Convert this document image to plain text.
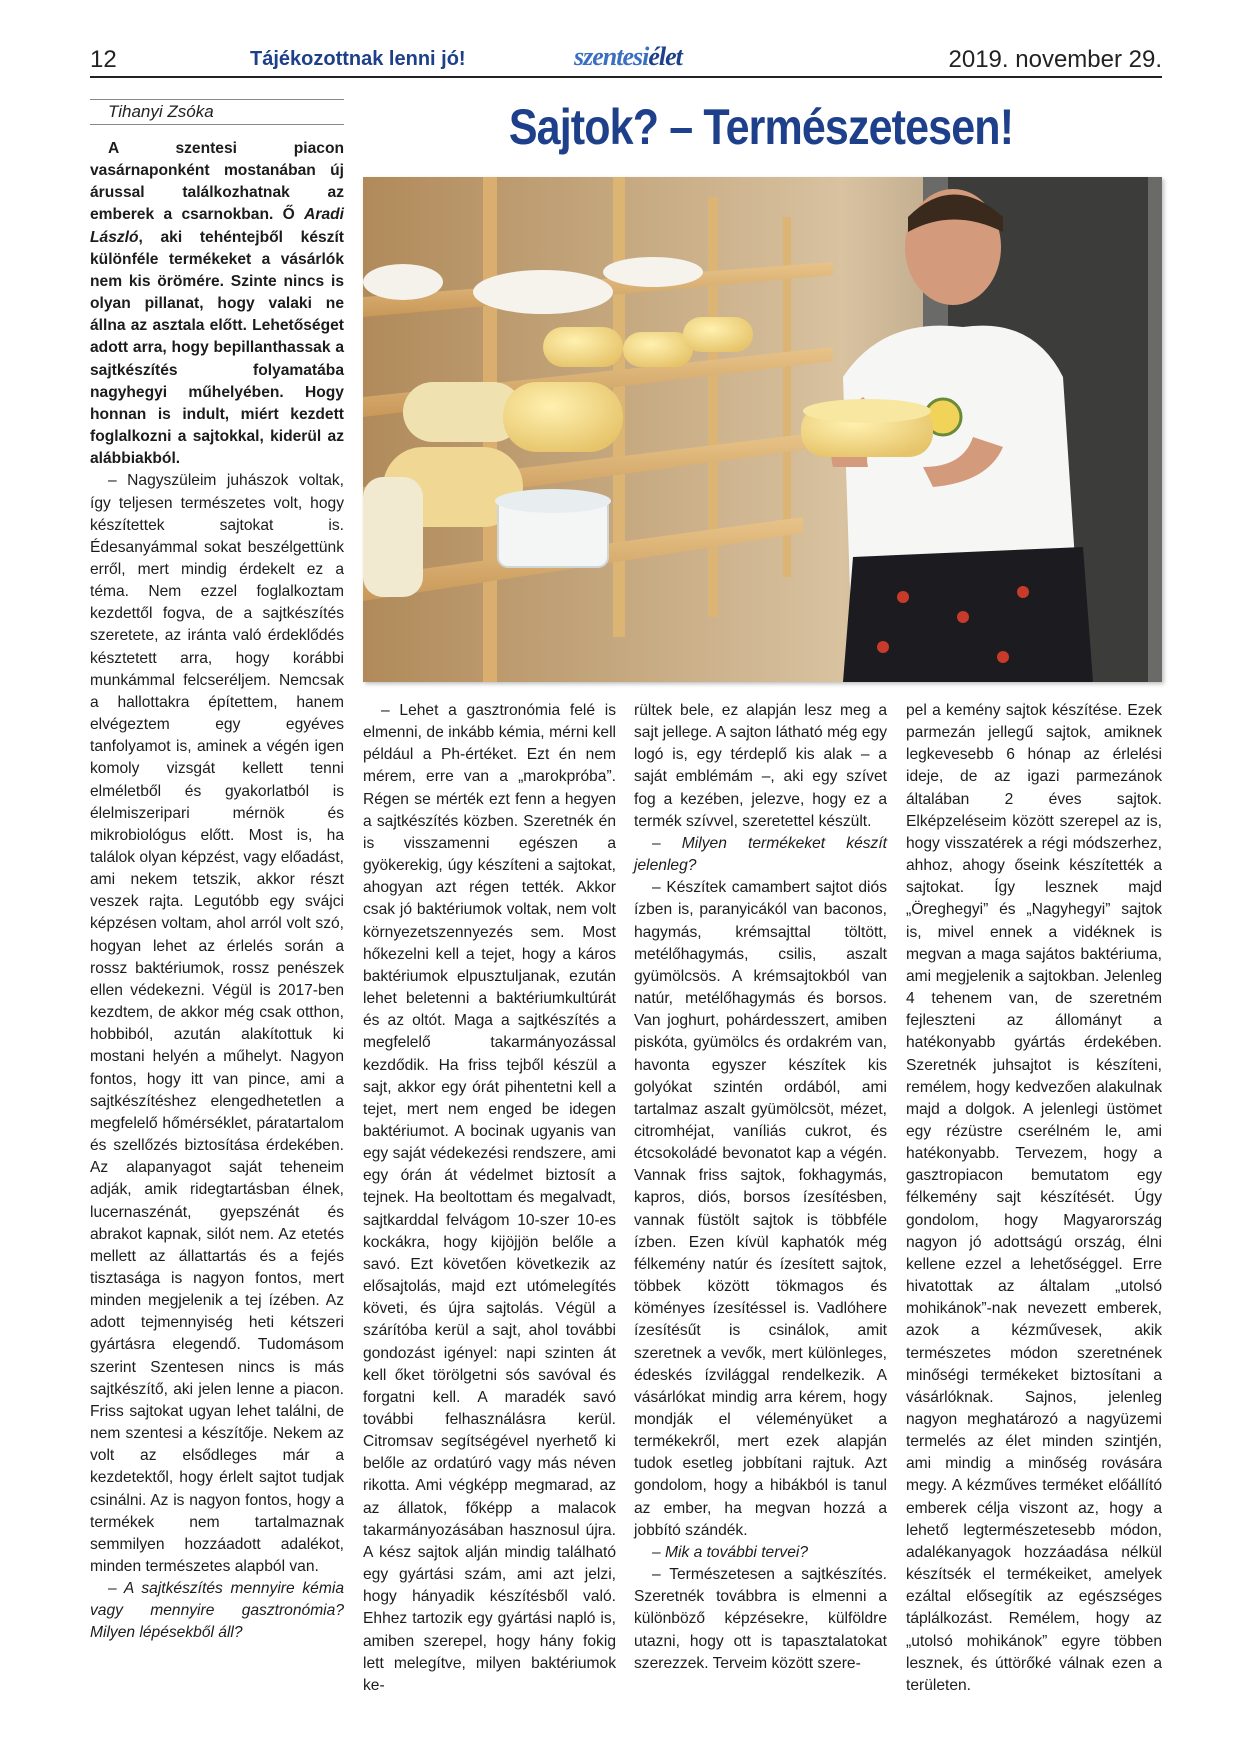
12	Tájékozottnak lenni jó!	szentesiélet	2019. november 29.
Tihanyi Zsóka	Sajtok? – Természetesen!

A szentesi piacon vasárnaponként mostanában új árussal találkozhatnak az emberek a csarnokban. Ő Aradi László, aki tehéntejből készít különféle termékeket a vásárlók nem kis örömére. Szinte nincs is olyan pillanat, hogy valaki ne állna az asztala előtt. Lehetőséget adott arra, hogy bepillanthassak a sajtkészítés folyamatába nagyhegyi műhelyében. Hogy honnan is indult, miért kezdett foglalkozni a sajtokkal, kiderül az alábbiakból.

– Nagyszüleim juhászok voltak, így teljesen természetes volt, hogy készítettek sajtokat is. Édesanyámmal sokat beszélgettünk erről, mert mindig érdekelt ez a téma. Nem ezzel foglalkoztam kezdettől fogva, de a sajtkészítés szeretete, az iránta való érdeklődés késztetett arra, hogy korábbi munkámmal felcseréljem. Nemcsak a hallottakra építettem, hanem elvégeztem egy egyéves tanfolyamot is, aminek a végén igen komoly vizsgát kellett tenni elméletből és gyakorlatból is élelmiszeripari mérnök és mikrobiológus előtt. Most is, ha találok olyan képzést, vagy előadást, ami nekem tetszik, akkor részt veszek rajta. Legutóbb egy svájci képzésen voltam, ahol arról volt szó, hogyan lehet az érlelés során a rossz baktériumok, rossz penészek ellen védekezni. Végül is 2017-ben kezdtem, de akkor még csak otthon, hobbiból, azután alakítottuk ki mostani helyén a műhelyt. Nagyon fontos, hogy itt van pince, ami a sajtkészítéshez elengedhetetlen a megfelelő hőmérséklet, páratartalom és szellőzés biztosítása érdekében. Az alapanyagot saját teheneim adják, amik ridegtartásban élnek, lucernaszénát, gyepszénát és abrakot kapnak, silót nem. Az etetés mellett az állattartás és a fejés tisztasága is nagyon fontos, mert minden megjelenik a tej ízében. Az adott tejmennyiség heti kétszeri gyártásra elegendő. Tudomásom szerint Szentesen nincs is más sajtkészítő, aki jelen lenne a piacon. Friss sajtokat ugyan lehet találni, de nem szentesi a készítője. Nekem az volt az elsődleges már a kezdetektől, hogy érlelt sajtot tudjak csinálni. Az is nagyon fontos, hogy a termékek nem tartalmaznak semmilyen hozzáadott adalékot, minden természetes alapból van.

– A sajtkészítés mennyire kémia vagy mennyire gasztronómia? Milyen lépésekből áll?

– Lehet a gasztronómia felé is elmenni, de inkább kémia, mérni kell például a Ph-értéket. Ezt én nem mérem, erre van a „marokpróba”. Régen se mérték ezt fenn a hegyen a sajtkészítés közben. Szeretnék én is visszamenni egészen a gyökerekig, úgy készíteni a sajtokat, ahogyan azt régen tették. Akkor csak jó baktériumok voltak, nem volt környezetszennyezés sem. Most hőkezelni kell a tejet, hogy a káros baktériumok elpusztuljanak, ezután lehet beletenni a baktériumkultúrát és az oltót. Maga a sajtkészítés a megfelelő takarmányozással kezdődik. Ha friss tejből készül a sajt, akkor egy órát pihentetni kell a tejet, mert nem enged be idegen baktériumot. A bocinak ugyanis van egy saját védekezési rendszere, ami egy órán át védelmet biztosít a tejnek. Ha beoltottam és megalvadt, sajtkarddal felvágom 10-szer 10-es kockákra, hogy kijöjjön belőle a savó. Ezt követően következik az elősajtolás, majd ezt utómelegítés követi, és újra sajtolás. Végül a szárítóba kerül a sajt, ahol további gondozást igényel: napi szinten át kell őket törölgetni sós savóval és forgatni kell. A maradék savó további felhasználásra kerül. Citromsav segítségével nyerhető ki belőle az ordatúró vagy más néven rikotta. Ami végképp megmarad, az az állatok, főképp a malacok takarmányozásában hasznosul újra. A kész sajtok alján mindig található egy gyártási szám, ami azt jelzi, hogy hányadik készítésből való. Ehhez tartozik egy gyártási napló is, amiben szerepel, hogy hány fokig lett melegítve, milyen baktériumok ke-

rültek bele, ez alapján lesz meg a sajt jellege. A sajton látható még egy logó is, egy térdeplő kis alak – a saját emblémám –, aki egy szívet fog a kezében, jelezve, hogy ez a termék szívvel, szeretettel készült.

– Milyen termékeket készít jelenleg?

– Készítek camambert sajtot diós ízben is, paranyicákól van baconos, hagymás, krémsajttal töltött, metélőhagymás, csilis, aszalt gyümölcsös. A krémsajtokból van natúr, metélőhagymás és borsos. Van joghurt, pohárdesszert, amiben piskóta, gyümölcs és ordakrém van, havonta egyszer készítek kis golyókat szintén ordából, ami tartalmaz aszalt gyümölcsöt, mézet, citromhéjat, vaníliás cukrot, és étcsokoládé bevonatot kap a végén. Vannak friss sajtok, fokhagymás, kapros, diós, borsos ízesítésben, vannak füstölt sajtok is többféle ízben. Ezen kívül kaphatók még félkemény natúr és ízesített sajtok, többek között tökmagos és köményes ízesítéssel is. Vadlóhere ízesítésűt is csinálok, amit szeretnek a vevők, mert különleges, édeskés ízvilággal rendelkezik. A vásárlókat mindig arra kérem, hogy mondják el véleményüket a termékekről, mert ezek alapján tudok esetleg jobbítani rajtuk. Azt gondolom, hogy a hibákból is tanul az ember, ha megvan hozzá a jobbító szándék.

– Mik a további tervei?

– Természetesen a sajtkészítés. Szeretnék továbbra is elmenni a különböző képzésekre, külföldre utazni, hogy ott is tapasztalatokat szerezzek. Terveim között szere-

pel a kemény sajtok készítése. Ezek parmezán jellegű sajtok, amiknek legkevesebb 6 hónap az érlelési ideje, de az igazi parmezánok általában 2 éves sajtok. Elképzeléseim között szerepel az is, hogy visszatérek a régi módszerhez, ahhoz, ahogy őseink készítették a sajtokat. Így lesznek majd „Öreghegyi” és „Nagyhegyi” sajtok is, mivel ennek a vidéknek is megvan a maga sajátos baktériuma, ami megjelenik a sajtokban. Jelenleg 4 tehenem van, de szeretném fejleszteni az állományt a hatékonyabb gyártás érdekében. Szeretnék juhsajtot is készíteni, remélem, hogy kedvezően alakulnak majd a dolgok. A jelenlegi üstömet egy rézüstre cserélném le, ami hatékonyabb. Tervezem, hogy a gasztropiacon bemutatom egy félkemény sajt készítését. Úgy gondolom, hogy Magyarország nagyon jó adottságú ország, élni kellene ezzel a lehetőséggel. Erre hivatottak az általam „utolsó mohikánok”-nak nevezett emberek, azok a kézművesek, akik természetes módon szeretnének minőségi termékeket biztosítani a vásárlóknak. Sajnos, jelenleg nagyon meghatározó a nagyüzemi termelés az élet minden szintjén, ami mindig a minőség rovására megy. A kézműves terméket előállító emberek célja viszont az, hogy a lehető legtermészetesebb módon, adalékanyagok hozzáadása nélkül készítsék el termékeiket, amelyek ezáltal elősegítik az egészséges táplálkozást. Remélem, hogy az „utolsó mohikánok” egyre többen lesznek, és úttörőké válnak ezen a területen.
